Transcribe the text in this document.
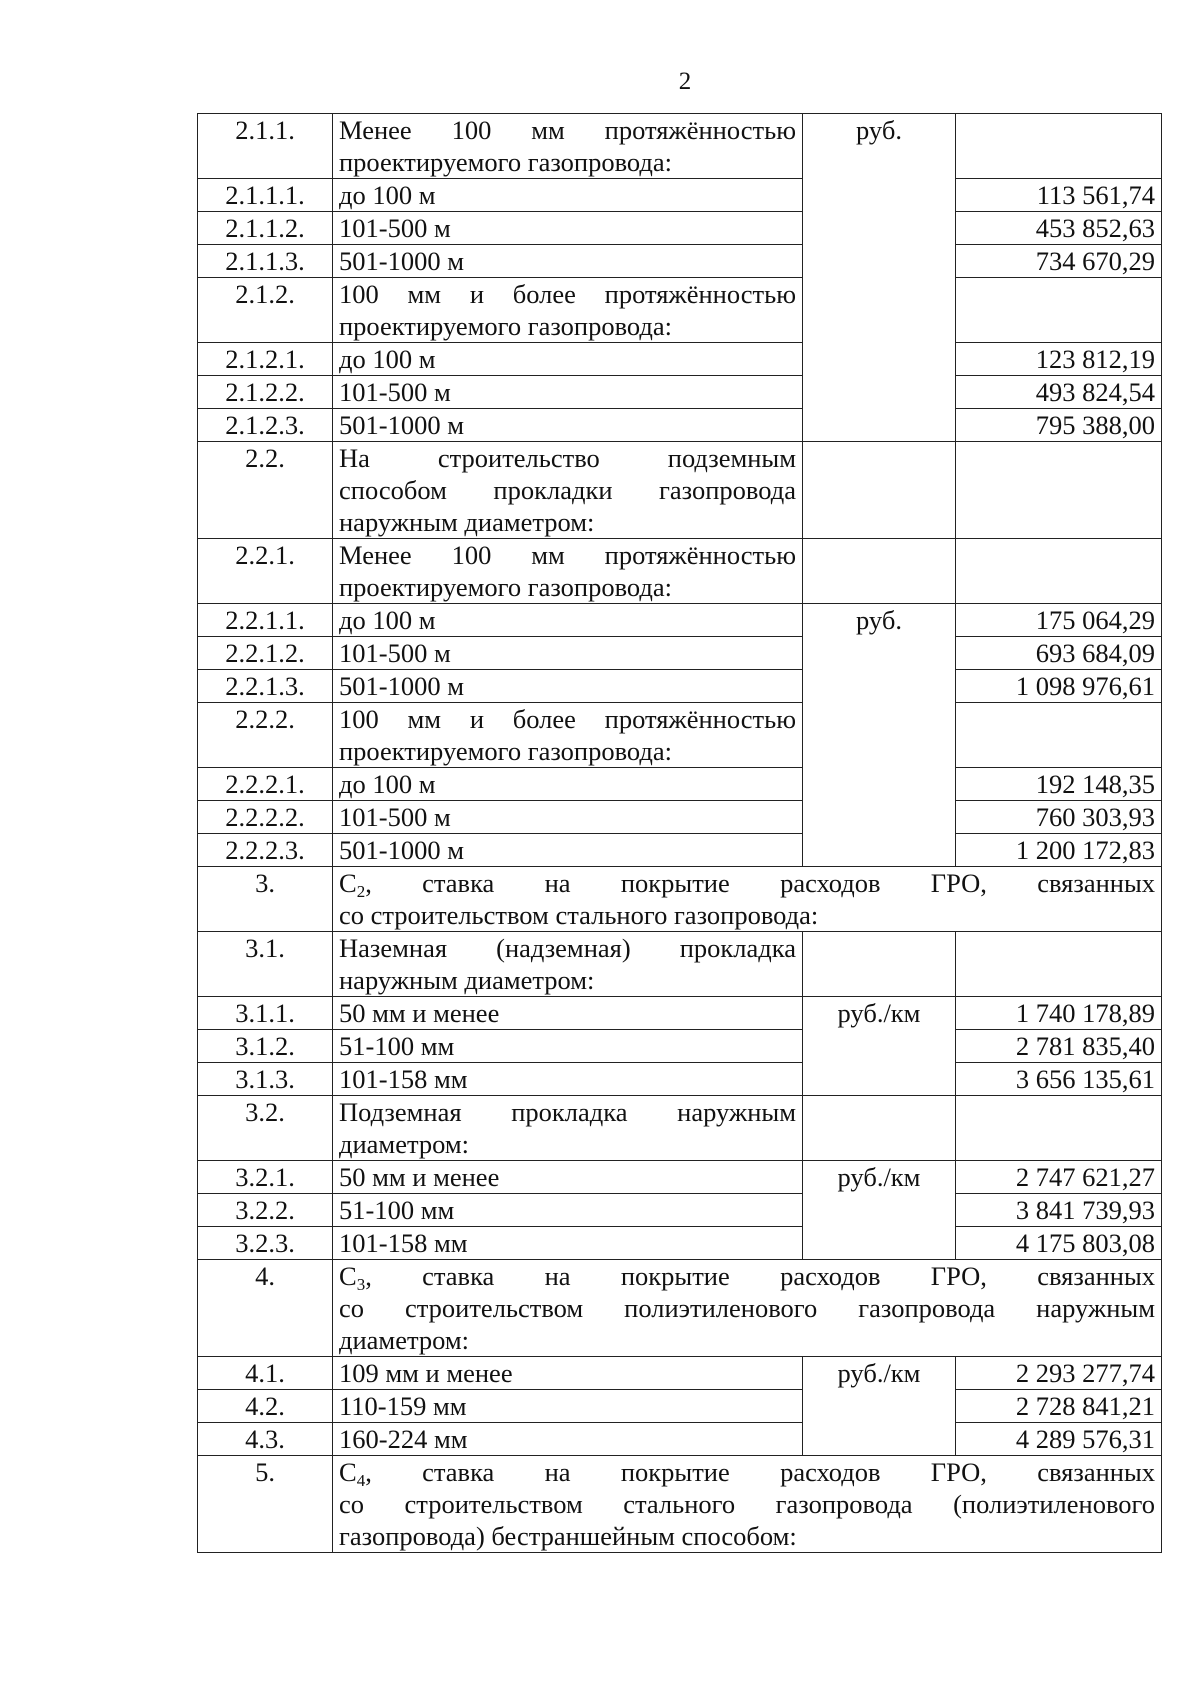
2
2.1.1.	Менее 100 мм протяжённостью
проектируемого газопровода:	руб.	
2.1.1.1.	до 100 м		113 561,74
2.1.1.2.	101-500 м		453 852,63
2.1.1.3.	501-1000 м		734 670,29
2.1.2.	100 мм и более протяжённостью
проектируемого газопровода:		
2.1.2.1.	до 100 м		123 812,19
2.1.2.2.	101-500 м		493 824,54
2.1.2.3.	501-1000 м		795 388,00
2.2.	На строительство подземным
способом прокладки газопровода
наружным диаметром:		
2.2.1.	Менее 100 мм протяжённостью
проектируемого газопровода:		
2.2.1.1.	до 100 м	руб.	175 064,29
2.2.1.2.	101-500 м		693 684,09
2.2.1.3.	501-1000 м		1 098 976,61
2.2.2.	100 мм и более протяжённостью
проектируемого газопровода:		
2.2.2.1.	до 100 м		192 148,35
2.2.2.2.	101-500 м		760 303,93
2.2.2.3.	501-1000 м		1 200 172,83
3.	$С_2$, ставка на покрытие расходов ГРО, связанных
со строительством стального газопровода:		
3.1.	Наземная (надземная) прокладка
наружным диаметром:		
3.1.1.	50 мм и менее	руб./км	1 740 178,89
3.1.2.	51-100 мм		2 781 835,40
3.1.3.	101-158 мм		3 656 135,61
3.2.	Подземная прокладка наружным
диаметром:		
3.2.1.	50 мм и менее	руб./км	2 747 621,27
3.2.2.	51-100 мм		3 841 739,93
3.2.3.	101-158 мм		4 175 803,08
4.	$С_3$, ставка на покрытие расходов ГРО, связанных
со строительством полиэтиленового газопровода наружным
диаметром:		
4.1.	109 мм и менее	руб./км	2 293 277,74
4.2.	110-159 мм		2 728 841,21
4.3.	160-224 мм		4 289 576,31
5.	$С_4$, ставка на покрытие расходов ГРО, связанных
со строительством стального газопровода (полиэтиленового
газопровода) бестраншейным способом:		
